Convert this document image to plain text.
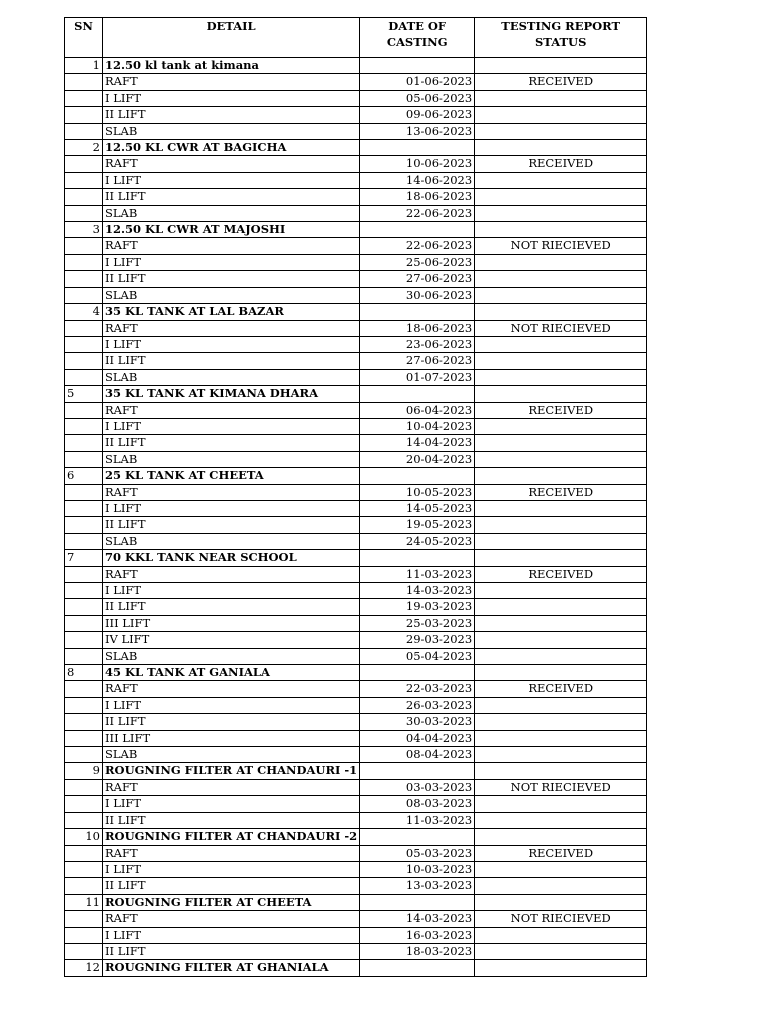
SN	DETAIL	DATE OF CASTING	TESTING REPORT STATUS
1	12.50 kl tank at kimana		
	RAFT	01-06-2023	RECEIVED
	I LIFT	05-06-2023	
	II LIFT	09-06-2023	
	SLAB	13-06-2023	
2	12.50 KL CWR AT BAGICHA		
	RAFT	10-06-2023	RECEIVED
	I LIFT	14-06-2023	
	II LIFT	18-06-2023	
	SLAB	22-06-2023	
3	12.50 KL CWR AT MAJOSHI		
	RAFT	22-06-2023	NOT RIECIEVED
	I LIFT	25-06-2023	
	II LIFT	27-06-2023	
	SLAB	30-06-2023	
4	35 KL TANK AT LAL BAZAR		
	RAFT	18-06-2023	NOT RIECIEVED
	I LIFT	23-06-2023	
	II LIFT	27-06-2023	
	SLAB	01-07-2023	
5	35 KL TANK AT KIMANA DHARA		
	RAFT	06-04-2023	RECEIVED
	I LIFT	10-04-2023	
	II LIFT	14-04-2023	
	SLAB	20-04-2023	
6	25 KL TANK AT CHEETA		
	RAFT	10-05-2023	RECEIVED
	I LIFT	14-05-2023	
	II LIFT	19-05-2023	
	SLAB	24-05-2023	
7	70 KKL TANK NEAR SCHOOL		
	RAFT	11-03-2023	RECEIVED
	I LIFT	14-03-2023	
	II LIFT	19-03-2023	
	III LIFT	25-03-2023	
	IV LIFT	29-03-2023	
	SLAB	05-04-2023	
8	45 KL TANK AT GANIALA		
	RAFT	22-03-2023	RECEIVED
	I LIFT	26-03-2023	
	II LIFT	30-03-2023	
	III LIFT	04-04-2023	
	SLAB	08-04-2023	
9	ROUGNING FILTER AT CHANDAURI -1		
	RAFT	03-03-2023	NOT RIECIEVED
	I LIFT	08-03-2023	
	II LIFT	11-03-2023	
10	ROUGNING FILTER AT CHANDAURI -2		
	RAFT	05-03-2023	RECEIVED
	I LIFT	10-03-2023	
	II LIFT	13-03-2023	
11	ROUGNING FILTER AT CHEETA		
	RAFT	14-03-2023	NOT RIECIEVED
	I LIFT	16-03-2023	
	II LIFT	18-03-2023	
12	ROUGNING FILTER AT GHANIALA		
